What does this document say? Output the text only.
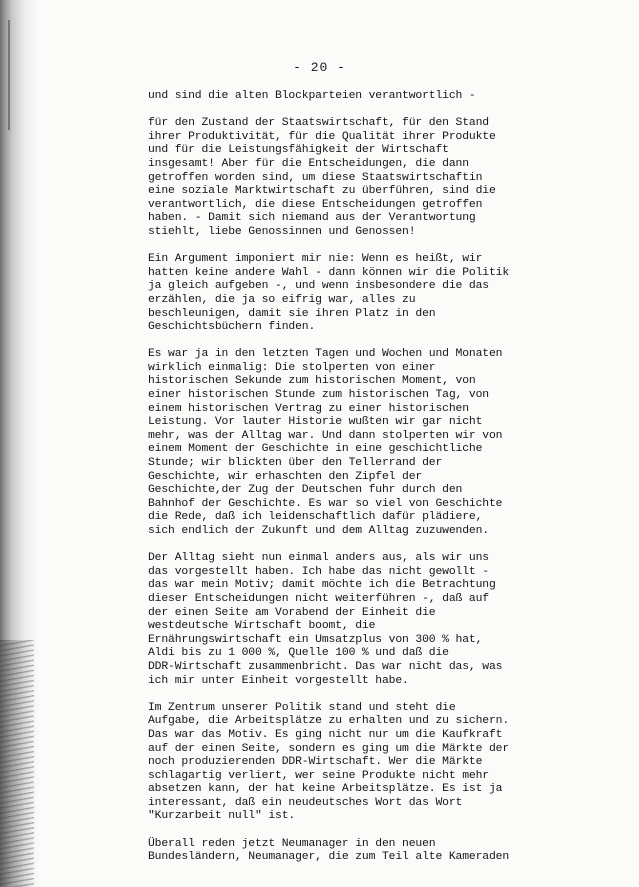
- 20 -
und sind die alten Blockparteien verantwortlich -
für den Zustand der Staatswirtschaft, für den Stand
ihrer Produktivität, für die Qualität ihrer Produkte
und für die Leistungsfähigkeit der Wirtschaft
insgesamt! Aber für die Entscheidungen, die dann
getroffen worden sind, um diese Staatswirtschaftin
eine soziale Marktwirtschaft zu überführen, sind die
verantwortlich, die diese Entscheidungen getroffen
haben. - Damit sich niemand aus der Verantwortung
stiehlt, liebe Genossinnen und Genossen!
Ein Argument imponiert mir nie: Wenn es heißt, wir
hatten keine andere Wahl - dann können wir die Politik
ja gleich aufgeben -, und wenn insbesondere die das
erzählen, die ja so eifrig war, alles zu
beschleunigen, damit sie ihren Platz in den
Geschichtsbüchern finden.
Es war ja in den letzten Tagen und Wochen und Monaten
wirklich einmalig: Die stolperten von einer
historischen Sekunde zum historischen Moment, von
einer historischen Stunde zum historischen Tag, von
einem historischen Vertrag zu einer historischen
Leistung. Vor lauter Historie wußten wir gar nicht
mehr, was der Alltag war. Und dann stolperten wir von
einem Moment der Geschichte in eine geschichtliche
Stunde; wir blickten über den Tellerrand der
Geschichte, wir erhaschten den Zipfel der
Geschichte,der Zug der Deutschen fuhr durch den
Bahnhof der Geschichte. Es war so viel von Geschichte
die Rede, daß ich leidenschaftlich dafür plädiere,
sich endlich der Zukunft und dem Alltag zuzuwenden.
Der Alltag sieht nun einmal anders aus, als wir uns
das vorgestellt haben. Ich habe das nicht gewollt -
das war mein Motiv; damit möchte ich die Betrachtung
dieser Entscheidungen nicht weiterführen -, daß auf
der einen Seite am Vorabend der Einheit die
westdeutsche Wirtschaft boomt, die
Ernährungswirtschaft ein Umsatzplus von 300 % hat,
Aldi bis zu 1 000 %, Quelle 100 % und daß die
DDR-Wirtschaft zusammenbricht. Das war nicht das, was
ich mir unter Einheit vorgestellt habe.
Im Zentrum unserer Politik stand und steht die
Aufgabe, die Arbeitsplätze zu erhalten und zu sichern.
Das war das Motiv. Es ging nicht nur um die Kaufkraft
auf der einen Seite, sondern es ging um die Märkte der
noch produzierenden DDR-Wirtschaft. Wer die Märkte
schlagartig verliert, wer seine Produkte nicht mehr
absetzen kann, der hat keine Arbeitsplätze. Es ist ja
interessant, daß ein neudeutsches Wort das Wort
"Kurzarbeit null" ist.
Überall reden jetzt Neumanager in den neuen
Bundesländern, Neumanager, die zum Teil alte Kameraden
